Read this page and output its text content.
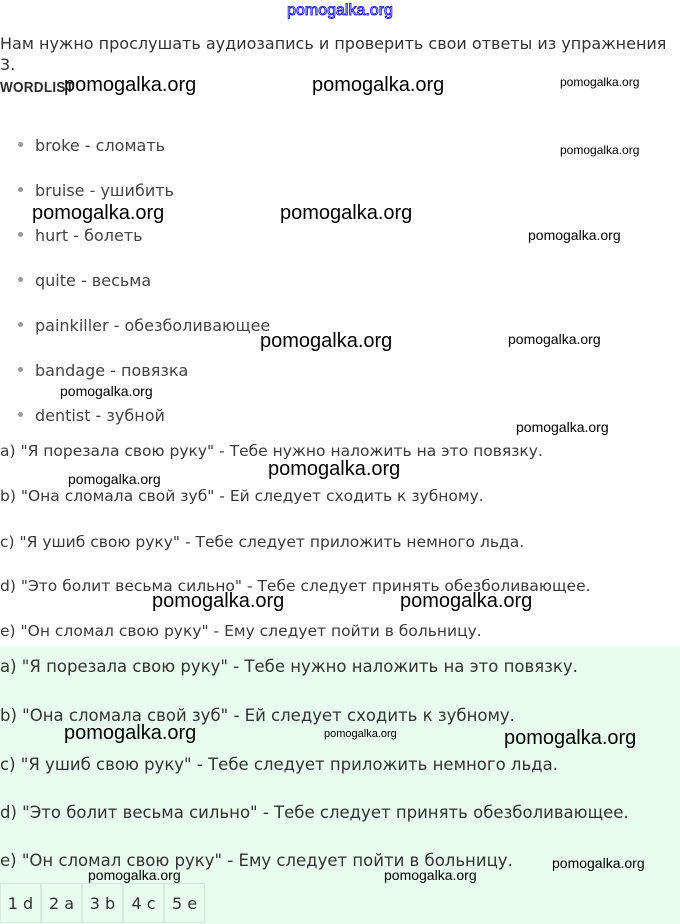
pomogalka.org
Нам нужно прослушать аудиозапись и проверить свои ответы из упражнения 3.
WORDLIST
broke - сломать
bruise - ушибить
hurt - болеть
quite - весьма
painkiller - обезболивающее
bandage - повязка
dentist - зубной
a) "Я порезала свою руку" - Тебе нужно наложить на это повязку.
b) "Она сломала свой зуб" - Ей следует сходить к зубному.
c) "Я ушиб свою руку" - Тебе следует приложить немного льда.
d) "Это болит весьма сильно" - Тебе следует принять обезболивающее.
e) "Он сломал свою руку" - Ему следует пойти в больницу.
a) "Я порезала свою руку" - Тебе нужно наложить на это повязку.
b) "Она сломала свой зуб" - Ей следует сходить к зубному.
c) "Я ушиб свою руку" - Тебе следует приложить немного льда.
d) "Это болит весьма сильно" - Тебе следует принять обезболивающее.
e) "Он сломал свою руку" - Ему следует пойти в больницу.
1 d 2 a 3 b	4 c	5 e
pomogalka.org	pomogalka.org	pomogalka.org
pomogalka.org
pomogalka.org	pomogalka.org
pomogalka.org
pomogalka.org	pomogalka.org
pomogalka.org
pomogalka.org
pomogalka.org
pomogalka.org
pomogalka.org	pomogalka.org
pomogalka.org	pomogalka.org	pomogalka.org
pomogalka.org
pomogalka.org	pomogalka.org
